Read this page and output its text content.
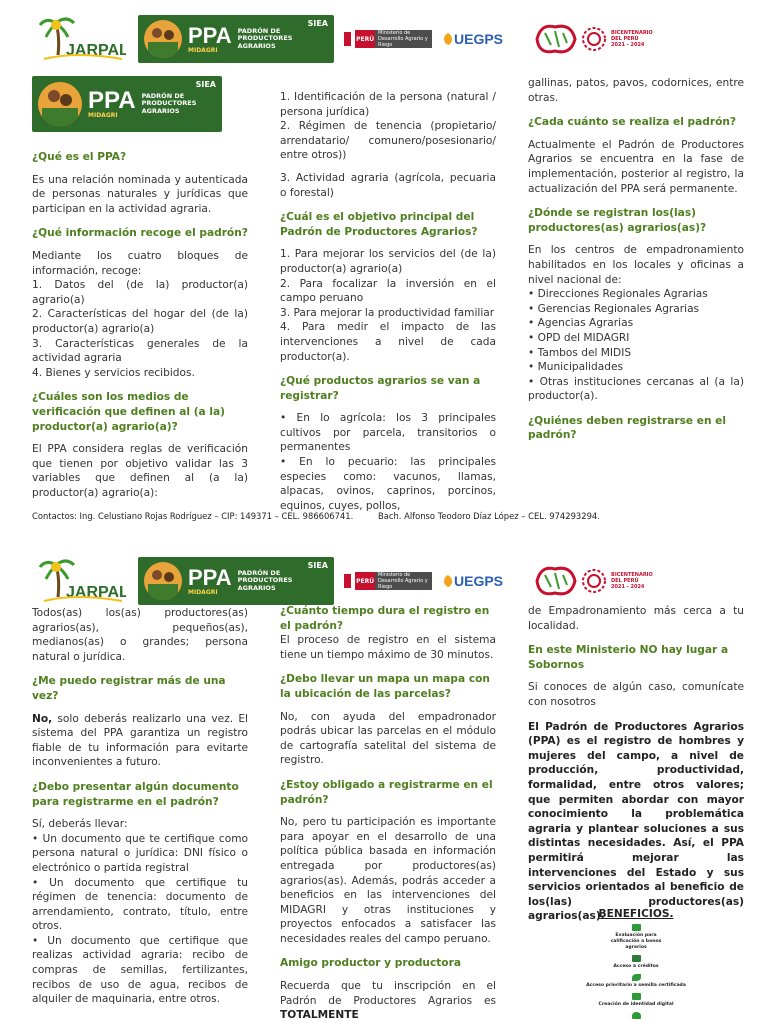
JARPAL
PPA
MIDAGRI
PADRÓN DE
PRODUCTORES
AGRARIOS
SIEA
PERÚ
Ministerio de Desarrollo Agrario y Riego	UEGPS	BICENTENARIO DEL PERÚ 2021 - 2024
PPA
MIDAGRI
PADRÓN DE
PRODUCTORES
AGRARIOS
SIEA
¿Qué es el PPA?

Es una relación nominada y autenticada de personas naturales y jurídicas que participan en la actividad agraria.

¿Qué información recoge el padrón?

Mediante los cuatro bloques de información, recoge:

1. Datos del (de la) productor(a) agrario(a)
2. Características del hogar del (de la) productor(a) agrario(a)
3. Características generales de la actividad agraria
4. Bienes y servicios recibidos.
¿Cuáles son los medios de verificación que definen al (a la) productor(a) agrario(a)?

El PPA considera reglas de verificación que tienen por objetivo validar las 3 variables que definen al (a la) productor(a) agrario(a):

1. Identificación de la persona (natural / persona jurídica)
2. Régimen de tenencia (propietario/ arrendatario/ comunero/posesionario/ entre otros))

3. Actividad agraria (agrícola, pecuaria o forestal)

¿Cuál es el objetivo principal del Padrón de Productores Agrarios?
1. Para mejorar los servicios del (de la) productor(a) agrario(a)
2. Para focalizar la inversión en el campo peruano
3. Para mejorar la productividad familiar
4. Para medir el impacto de las intervenciones a nivel de cada productor(a).
¿Qué productos agrarios se van a registrar?
• En lo agrícola: los 3 principales cultivos por parcela, transitorios o permanentes
• En lo pecuario: las principales especies como: vacunos, llamas, alpacas, ovinos, caprinos, porcinos, equinos, cuyes, pollos,

gallinas, patos, pavos, codornices, entre otras.

¿Cada cuánto se realiza el padrón?

Actualmente el Padrón de Productores Agrarios se encuentra en la fase de implementación, posterior al registro, la actualización del PPA será permanente.

¿Dónde se registran los(las) productores(as) agrarios(as)?

En los centros de empadronamiento habilitados en los locales y oficinas a nivel nacional de:

• Direcciones Regionales Agrarias
• Gerencias Regionales Agrarias
• Agencias Agrarias
• OPD del MIDAGRI
• Tambos del MIDIS
• Municipalidades
• Otras instituciones cercanas al (a la) productor(a).
¿Quiénes deben registrarse en el padrón?
Contactos: Ing. Celustiano Rojas Rodríguez – CIP: 149371 – CEL. 986606741.	Bach. Alfonso Teodoro Díaz López – CEL. 974293294.
JARPAL
PPA
MIDAGRI
PADRÓN DE
PRODUCTORES
AGRARIOS
SIEA
PERÚ
Ministerio de Desarrollo Agrario y Riego	UEGPS	BICENTENARIO DEL PERÚ 2021 - 2024

Todos(as) los(as) productores(as) agrarios(as), pequeños(as), medianos(as) o grandes; persona natural o jurídica.

¿Me puedo registrar más de una vez?

No, solo deberás realizarlo una vez. El sistema del PPA garantiza un registro fiable de tu información para evitarte inconvenientes a futuro.

¿Debo presentar algún documento para registrarme en el padrón?

Sí, deberás llevar:

• Un documento que te certifique como persona natural o jurídica: DNI físico o electrónico o partida registral
• Un documento que certifique tu régimen de tenencia: documento de arrendamiento, contrato, título, entre otros.
• Un documento que certifique que realizas actividad agraria: recibo de compras de semillas, fertilizantes, recibos de uso de agua, recibos de alquiler de maquinaria, entre otros.
¿Cuánto tiempo dura el registro en el padrón?

El proceso de registro en el sistema tiene un tiempo máximo de 30 minutos.

¿Debo llevar un mapa un mapa con la ubicación de las parcelas?

No, con ayuda del empadronador podrás ubicar las parcelas en el módulo de cartografía satelital del sistema de registro.

¿Estoy obligado a registrarme en el padrón?

No, pero tu participación es importante para apoyar en el desarrollo de una política pública basada en información entregada por productores(as) agrarios(as). Además, podrás acceder a beneficios en las intervenciones del MIDAGRI y otras instituciones y proyectos enfocados a satisfacer las necesidades reales del campo peruano.

Amigo productor y productora

Recuerda que tu inscripción en el Padrón de Productores Agrarios es TOTALMENTE

de Empadronamiento más cerca a tu localidad.

En este Ministerio NO hay lugar a Sobornos

Si conoces de algún caso, comunícate con nosotros

El Padrón de Productores Agrarios (PPA) es el registro de hombres y mujeres del campo, a nivel de producción, productividad, formalidad, entre otros valores; que permiten abordar con mayor conocimiento la problemática agraria y plantear soluciones a sus distintas necesidades. Así, el PPA permitirá mejorar las intervenciones del Estado y sus servicios orientados al beneficio de los(las) productores(as) agrarios(as).

BENEFICIOS.
Evaluación para calificación a bonos agrarios
Acceso a créditos
Acceso prioritario a semilla certificada
Creación de identidad digital
